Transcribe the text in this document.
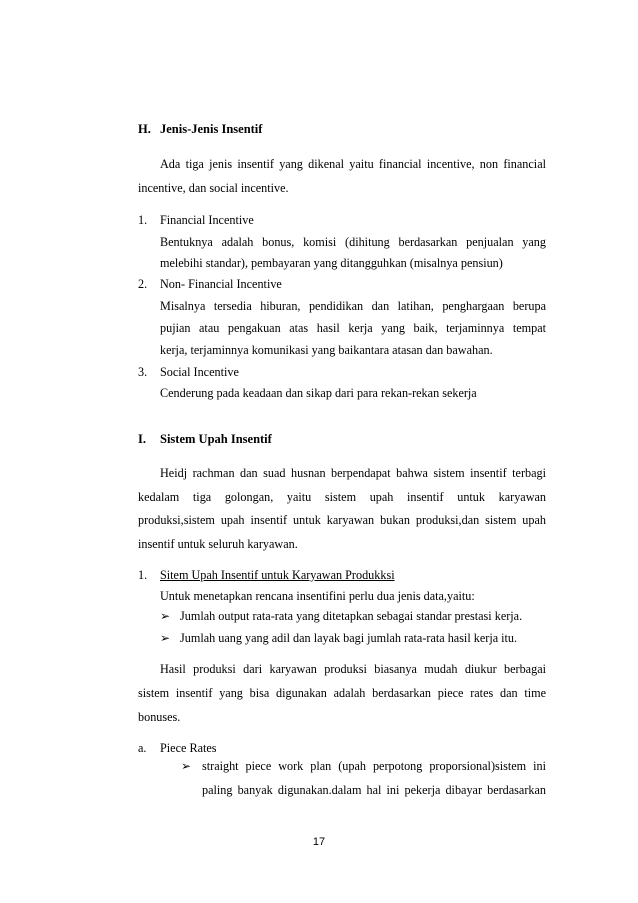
H. Jenis-Jenis Insentif
Ada tiga jenis insentif yang dikenal yaitu financial incentive, non financial
incentive, dan social incentive.
1. Financial Incentive
Bentuknya adalah bonus, komisi (dihitung berdasarkan penjualan yang
melebihi standar), pembayaran yang ditangguhkan (misalnya pensiun)
2. Non- Financial Incentive
Misalnya tersedia hiburan, pendidikan dan latihan, penghargaan berupa
pujian atau pengakuan atas hasil kerja yang baik, terjaminnya tempat
kerja, terjaminnya komunikasi yang baikantara atasan dan bawahan.
3. Social Incentive
Cenderung pada keadaan dan sikap dari para rekan-rekan sekerja
I. Sistem Upah Insentif
Heidj rachman dan suad husnan berpendapat bahwa sistem insentif terbagi
kedalam tiga golongan, yaitu sistem upah insentif untuk karyawan
produksi,sistem upah insentif untuk karyawan bukan produksi,dan sistem upah
insentif untuk seluruh karyawan.
1. Sitem Upah Insentif untuk Karyawan Produkksi
Untuk menetapkan rencana insentifini perlu dua jenis data,yaitu:
➢ Jumlah output rata-rata yang ditetapkan sebagai standar prestasi kerja.
➢ Jumlah uang yang adil dan layak bagi jumlah rata-rata hasil kerja itu.
Hasil produksi dari karyawan produksi biasanya mudah diukur berbagai
sistem insentif yang bisa digunakan adalah berdasarkan piece rates dan time
bonuses.
a. Piece Rates
➢ straight piece work plan (upah perpotong proporsional)sistem ini
paling banyak digunakan.dalam hal ini pekerja dibayar berdasarkan
17
